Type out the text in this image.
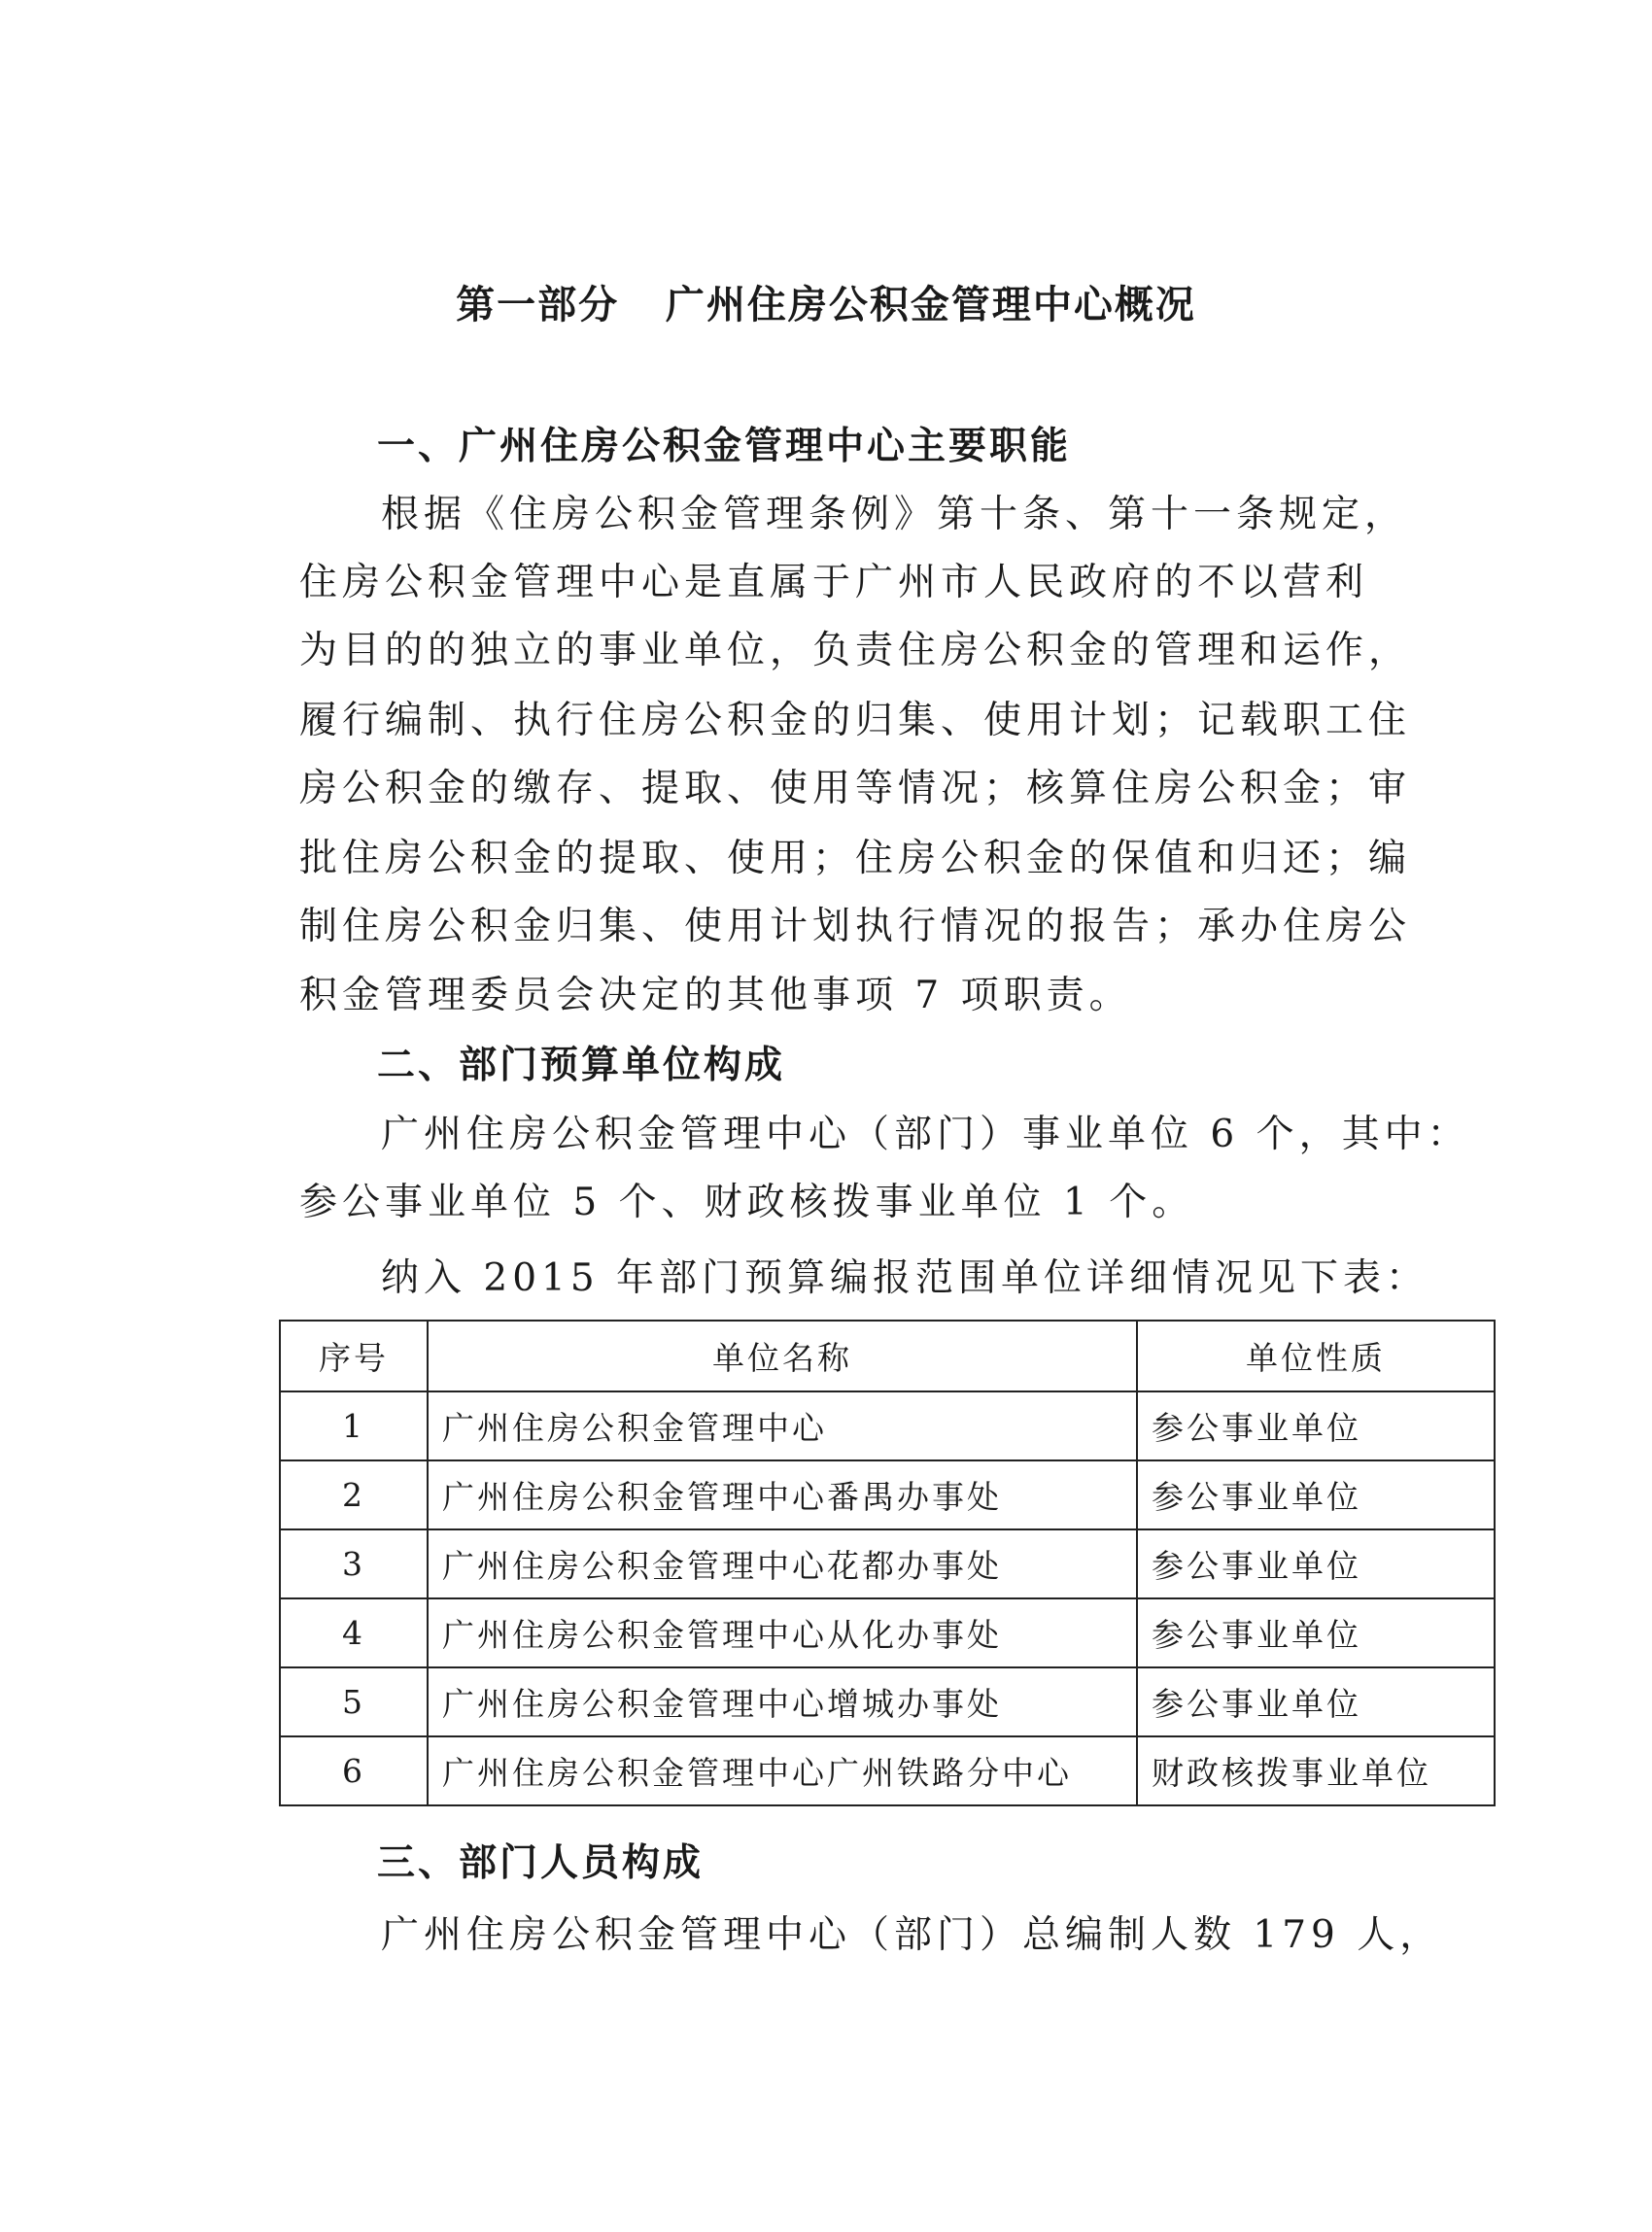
第一部分   广州住房公积金管理中心概况
一、广州住房公积金管理中心主要职能
根据《住房公积金管理条例》第十条、第十一条规定，
住房公积金管理中心是直属于广州市人民政府的不以营利
为目的的独立的事业单位，负责住房公积金的管理和运作，
履行编制、执行住房公积金的归集、使用计划；记载职工住
房公积金的缴存、提取、使用等情况；核算住房公积金；审
批住房公积金的提取、使用；住房公积金的保值和归还；编
制住房公积金归集、使用计划执行情况的报告；承办住房公
积金管理委员会决定的其他事项 7 项职责。
二、部门预算单位构成
广州住房公积金管理中心（部门）事业单位 6 个，其中：
参公事业单位 5 个、财政核拨事业单位 1 个。
纳入 2015 年部门预算编报范围单位详细情况见下表：
序号	单位名称	单位性质
1	广州住房公积金管理中心	参公事业单位
2	广州住房公积金管理中心番禺办事处	参公事业单位
3	广州住房公积金管理中心花都办事处	参公事业单位
4	广州住房公积金管理中心从化办事处	参公事业单位
5	广州住房公积金管理中心增城办事处	参公事业单位
6	广州住房公积金管理中心广州铁路分中心	财政核拨事业单位
三、部门人员构成
广州住房公积金管理中心（部门）总编制人数 179 人，
